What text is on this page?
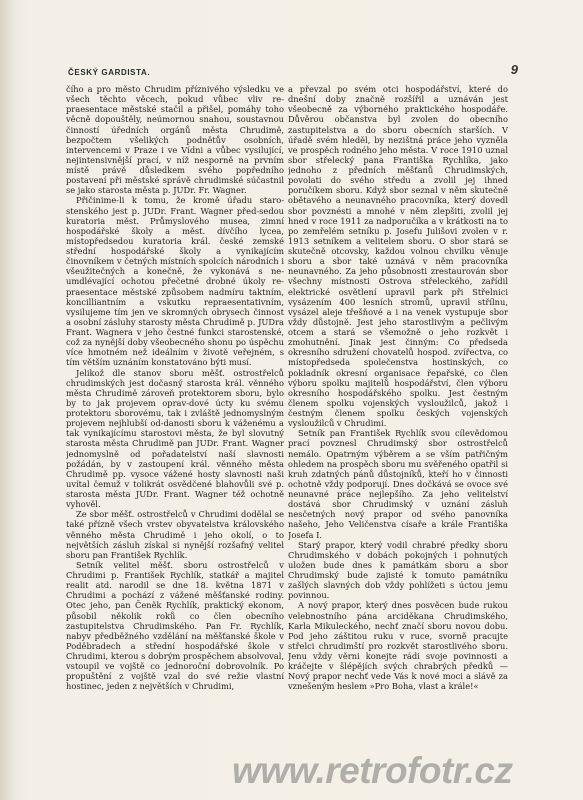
ČESKÝ GARDISTA.	9

čího a pro město Chrudim příznivého výsledku ve všech těchto věcech, pokud vůbec vliv re-praesentace městské stačil a přišel, pomáhy toho věcně dopouštěly, neúmornou snahou, soustavnou činností úředních orgánů města Chrudimě, bezpočtem všelikých podnětův osobních, intervencemi v Praze i ve Vídni a vůbec vysilující, nejintensivnější prací, v níž nesporně na prvním místě právě důsledkem svého popředního postavení při městské správě chrudimské súčastnil se jako starosta města p. JUDr. Fr. Wagner.

Přičinime-li k tomu, že kromě úřadu staro-stenského jest p. JUDr. Frant. Wagner před-sedou kuratoria měst. Průmyslového musea, zimní hospodářské školy a měst. dívčího lycea, místopředsedou kuratoria král. české zemské střední hospodářské školy a vynikajícím činovníkem v četných místních spolcích národních i všeužitečných a konečně, že vykonává s ne-umdlévající ochotou přečetné drobné úkoly re-praesentace městské způsobem nadmíru taktním, koncilliantním a vskutku repraesentativním, vysilujeme tím jen ve skromných obrysech činnost a osobní zásluhy starosty města Chrudimě p. JUDra Frant. Wagnera v jeho čestné funkci starostenské, což za nynější doby všeobecného shonu po úspěchu více hmotném než ideálním v životě veřejném, s tím větším uznáním konstatováno býti musí.

Jelikož dle stanov sboru měšť. ostrostřelců chrudimských jest dočasný starosta král. věnného města Chrudimě zároveň protektorem sboru, bylo by to jak projevem oprav-dové úcty ku svému protektoru sborovému, tak i zvláště jednomyslným projevem nejhlubší od-danosti sboru k váženému a tak vynikajícímu starostovi města, že byl slovutný starosta města Chrudimě pan JUDr. Frant. Wagner jednomyslně od pořadatelství naší slavnosti požádán, by v zastoupení král. věnného města Chrudimě pp. vysoce vážené hosty slavnosti naši uvítal čemuž v tolikrát osvědčené blahovůli své p. starosta města JUDr. Frant. Wagner též ochotně vyhověl.

Ze sbor měšť. ostrostřelců v Chrudimi dodělal se také přízně všech vrstev obyvatelstva královského věnného města Chrudimě i jeho okolí, o to největších zásluh získal si nynější rozšafný velitel sboru pan František Rychlík.

Setník velitel měšť. sboru ostrostřelců v Chrudimi p. František Rychlík, statkář a majitel realit atd. narodil se dne 18. května 1871 v Chrudimi a pochází z vážené měšťanské rodiny. Otec jeho, pan Čeněk Rychlík, praktický ekonom, působil několik roků co člen obecního zastupitelstva Chrudimského. Pan Fr. Rychlík, nabyv předběžného vzdělání na měšťanské škole v Poděbradech a střední hospodářské škole v Chrudimi, kterou s dobrým prospěchem absolvoval, vstoupil ve vojště co jednoroční dobrovolník. Po propuštění z vojště vzal do své režie vlastní hostinec, jeden z největších v Chrudimi,

a převzal po svém otci hospodářství, které do dnešní doby značně rozšířil a uznáván jest všeobecně za výborného praktického hospodáře. Důvěrou občanstva byl zvolen do obecního zastupitelstva a do sboru obecních starších. V úřadě svém hleděl, by nezištná práce jeho vyzněla ve prospěch rodného jeho města. V roce 1910 uznal sbor střelecký pana Františka Rychlíka, jako jednoho z předních měšťanů Chrudimských, povolati do svého středu a zvolil jej ihned poručíkem sboru. Když sbor seznal v něm skutečně obětavého a neunavného pracovníka, který dovedl sbor povznésti a mnohé v něm zlepšiti, zvolil jej hned v roce 1911 za nadporučíka a v krátkosti na to po zemřelém setníku p. Josefu Julišovi zvolen v r. 1913 setníkem a velitelem sboru. O sbor stará se skutečně otcovsky, každou volnou chvilku věnuje sboru a sbor také uznává v něm pracovníka neunavného. Za jeho působnosti zrestaurován sbor všechny místnosti Ostrova střeleckého, zařídil elektrické osvětlení upravil park při Střelnici vysázením 400 lesních stromů, upravil střílnu, vysázel aleje třešňové a i na venek vystupuje sbor vždy důstojně. Jest jeho starostlivým a pečlivým otcem a stará se všemožně o jeho rozkvět i zmohutnění. Jinak jest činným: Co předseda okresního sdružení chovatelů hospod. zvířectva, co místopředseda společenstva hostinských, co pokladník okresní organisace řepařské, co člen výboru spolku majitelů hospodářství, člen výboru okresního hospodářského spolku. Jest čestným členem spolku vojenských vysloužilců, jakož i čestným členem spolku českých vojenských vysloužilců v Chrudimi.

Setník pan František Rychlík svou cílevědomou prací povznesl Chrudimský sbor ostrostřelců nemálo. Opatrným výběrem a se vším patřičným ohledem na prospěch sboru mu svěřeného opatřil si kruh zdatných pánů důstojníků, kteří ho v činnosti ochotně vždy podporují. Dnes dočkává se ovoce své neunavné práce nejlepšího. Za jeho velitelství dostává sbor Chrudimský v uznání zásluh nesčetných nový prapor od svého panovníka našeho, Jeho Veličenstva císaře a krále Františka Josefa I.

Starý prapor, který vodil chrabré předky sboru Chrudimského v dobách pokojných i pohnutých uložen bude dnes k památkám sboru a sbor Chrudimský bude zajisté k tomuto památníku zašlých slavných dob vždy pohlížeti s úctou jemu povinnou.

A nový prapor, který dnes posvěcen bude rukou velebnostního pána arciděkana Chrudimského, Karla Mikuleckého, nechť značí sboru novou dobu. Pod jeho záštitou ruku v ruce, svorně pracujte střelci chrudimští pro rozkvět starostlivého sboru. Jenu vždy věrni konejte rádi svoje povinnosti a kráčejte v šlépějích svých chrabrých předků — Nový prapor nechť vede Vás k nové moci a slávě za vznešeným heslem »Pro Boha, vlast a krále!«

www.retrofotr.cz
